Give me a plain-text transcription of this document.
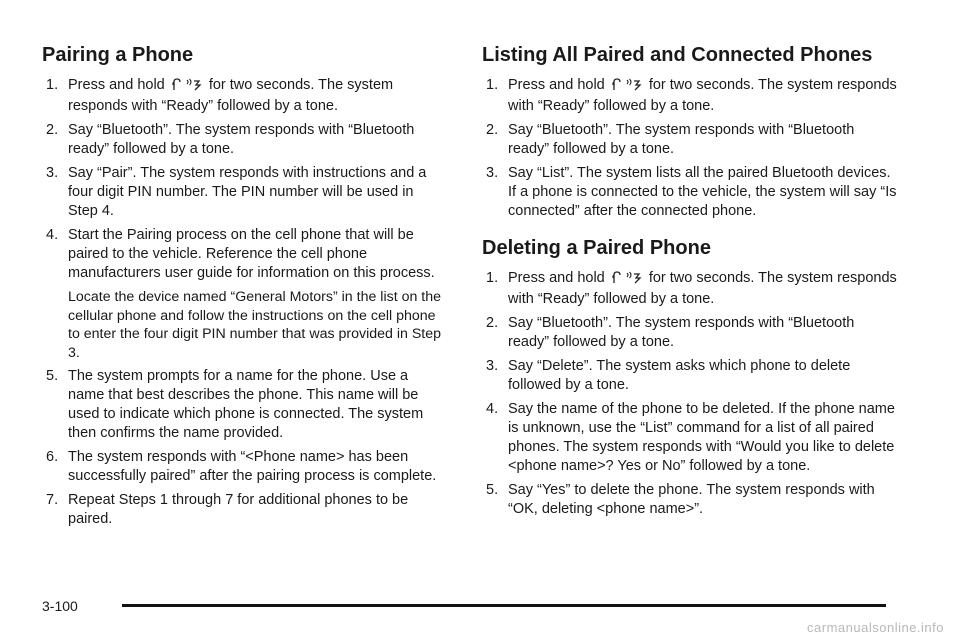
Pairing a Phone
1. Press and hold	for two seconds. The system responds with “Ready” followed by a tone.
2. Say “Bluetooth”. The system responds with “Bluetooth ready” followed by a tone.
3. Say “Pair”. The system responds with instructions and a four digit PIN number. The PIN number will be used in Step 4.
4. Start the Pairing process on the cell phone that will be paired to the vehicle. Reference the cell phone manufacturers user guide for information on this process.

Locate the device named “General Motors” in the list on the cellular phone and follow the instructions on the cell phone to enter the four digit PIN number that was provided in Step 3.

5. The system prompts for a name for the phone. Use a name that best describes the phone. This name will be used to indicate which phone is connected. The system then confirms the name provided.
6. The system responds with “<Phone name> has been successfully paired” after the pairing process is complete.
7. Repeat Steps 1 through 7 for additional phones to be paired.
Listing All Paired and Connected Phones
1. Press and hold	for two seconds. The system responds with “Ready” followed by a tone.
2. Say “Bluetooth”. The system responds with “Bluetooth ready” followed by a tone.
3. Say “List”. The system lists all the paired Bluetooth devices. If a phone is connected to the vehicle, the system will say “Is connected” after the connected phone.
Deleting a Paired Phone
1. Press and hold	for two seconds. The system responds with “Ready” followed by a tone.
2. Say “Bluetooth”. The system responds with “Bluetooth ready” followed by a tone.
3. Say “Delete”. The system asks which phone to delete followed by a tone.
4. Say the name of the phone to be deleted. If the phone name is unknown, use the “List” command for a list of all paired phones. The system responds with “Would you like to delete <phone name>? Yes or No” followed by a tone.
5. Say “Yes” to delete the phone. The system responds with “OK, deleting <phone name>”.
3-100
carmanualsonline.info
